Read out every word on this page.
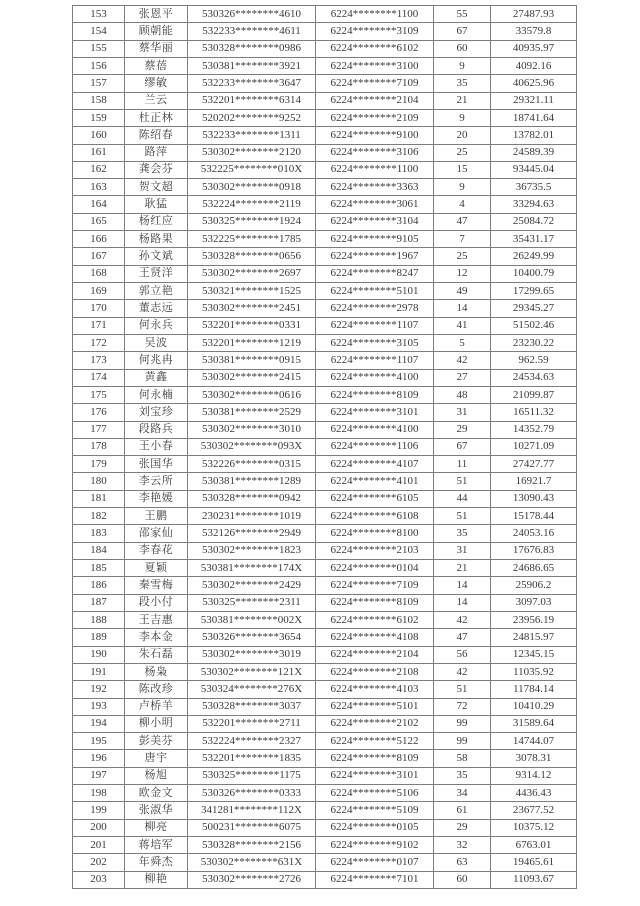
153	张恩平	530326********4610	6224********1100	55	27487.93
154	顾朝能	532233********4611	6224********3109	67	33579.8
155	蔡华丽	530328********0986	6224********6102	60	40935.97
156	蔡蓓	530381********3921	6224********3100	9	4092.16
157	缪敏	532233********3647	6224********7109	35	40625.96
158	兰云	532201********6314	6224********2104	21	29321.11
159	杜正林	520202********9252	6224********2109	9	18741.64
160	陈绍春	532233********1311	6224********9100	20	13782.01
161	路萍	530302********2120	6224********3106	25	24589.39
162	龚会芬	532225********010X	6224********1100	15	93445.04
163	贺文超	530302********0918	6224********3363	9	36735.5
164	耿猛	532224********2119	6224********3061	4	33294.63
165	杨红应	530325********1924	6224********3104	47	25084.72
166	杨路果	532225********1785	6224********9105	7	35431.17
167	孙文斌	530328********0656	6224********1967	25	26249.99
168	王贤洋	530302********2697	6224********8247	12	10400.79
169	郭立艳	530321********1525	6224********5101	49	17299.65
170	董志远	530302********2451	6224********2978	14	29345.27
171	何永兵	532201********0331	6224********1107	41	51502.46
172	吴波	532201********1219	6224********3105	5	23230.22
173	何兆冉	530381********0915	6224********1107	42	962.59
174	黄鑫	530302********2415	6224********4100	27	24534.63
175	何永楠	530302********0616	6224********8109	48	21099.87
176	刘宝珍	530381********2529	6224********3101	31	16511.32
177	段路兵	530302********3010	6224********4100	29	14352.79
178	王小春	530302********093X	6224********1106	67	10271.09
179	张国华	532226********0315	6224********4107	11	27427.77
180	李云所	530381********1289	6224********4101	51	16921.7
181	李艳媛	530328********0942	6224********6105	44	13090.43
182	王鹏	230231********1019	6224********6108	51	15178.44
183	邵家仙	532126********2949	6224********8100	35	24053.16
184	李春花	530302********1823	6224********2103	31	17676.83
185	夏颖	530381********174X	6224********0104	21	24686.65
186	秦雪梅	530302********2429	6224********7109	14	25906.2
187	段小付	530325********2311	6224********8109	14	3097.03
188	王吉惠	530381********002X	6224********6102	42	23956.19
189	李本金	530326********3654	6224********4108	47	24815.97
190	朱石磊	530302********3019	6224********2104	56	12345.15
191	杨枭	530302********121X	6224********2108	42	11035.92
192	陈改珍	530324********276X	6224********4103	51	11784.14
193	卢桥羊	530328********3037	6224********5101	72	10410.29
194	柳小明	532201********2711	6224********2102	99	31589.64
195	彭美芬	532224********2327	6224********5122	99	14744.07
196	唐宇	532201********1835	6224********8109	58	3078.31
197	杨旭	530325********1175	6224********3101	35	9314.12
198	欧金文	530326********0333	6224********5106	34	4436.43
199	张淑华	341281********112X	6224********5109	61	23677.52
200	柳亮	500231********6075	6224********0105	29	10375.12
201	蒋培军	530328********2156	6224********9102	32	6763.01
202	年舜杰	530302********631X	6224********0107	63	19465.61
203	柳艳	530302********2726	6224********7101	60	11093.67
